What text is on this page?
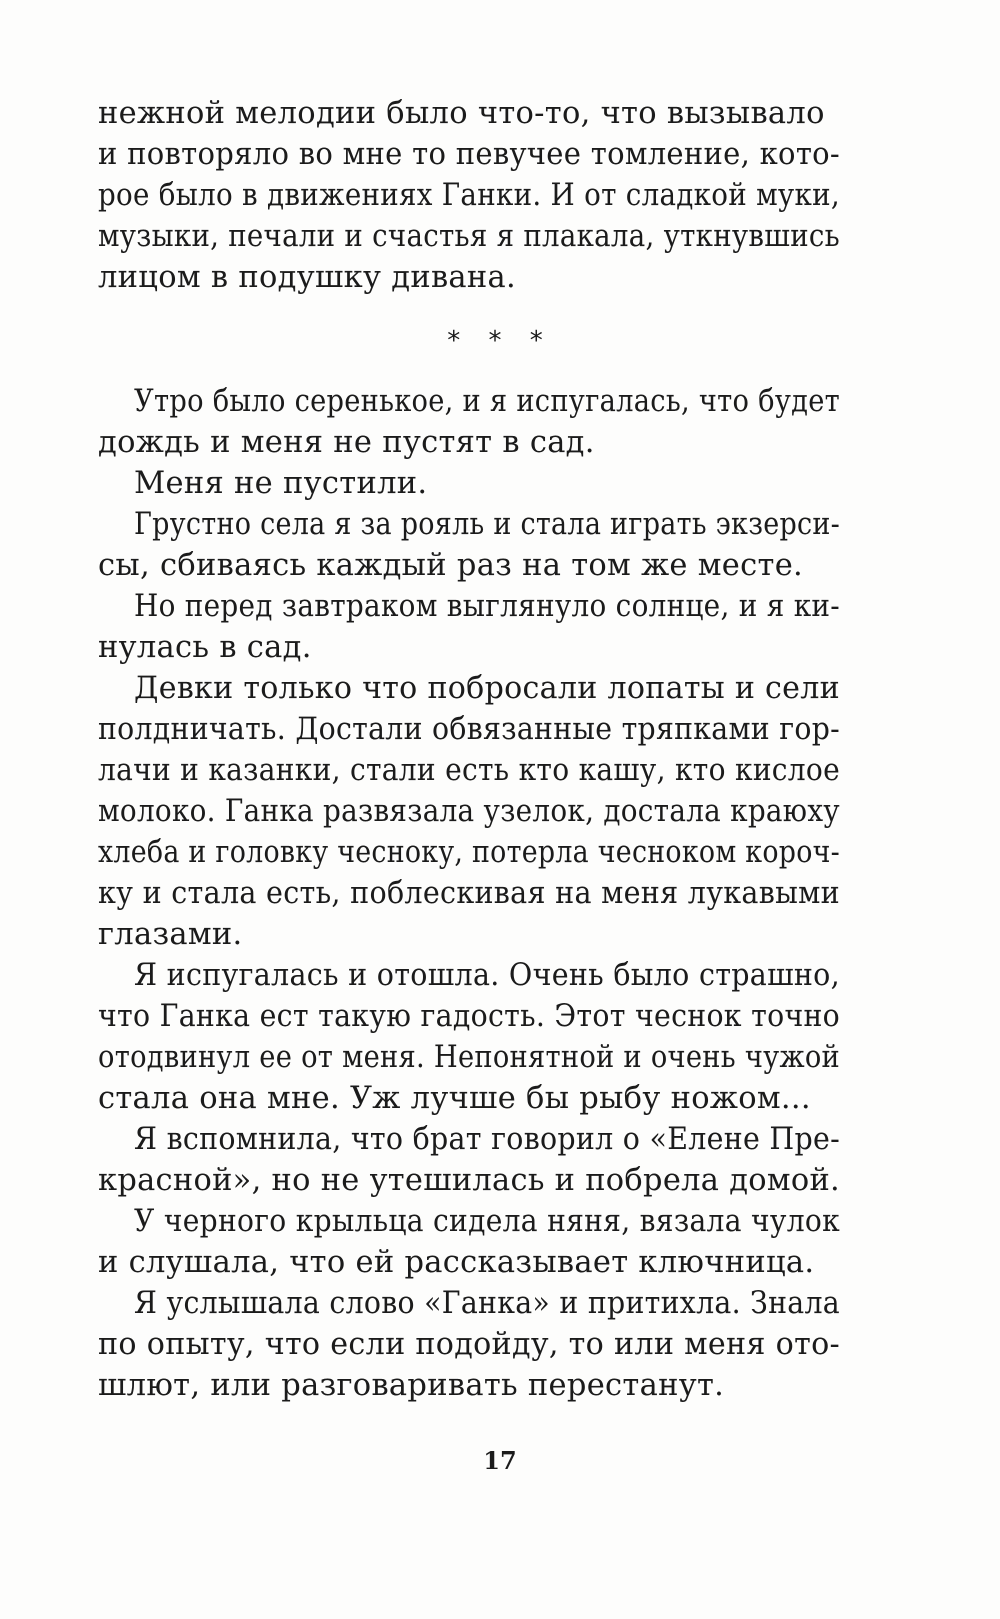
нежной мелодии было что-то, что вызывало
и повторяло во мне то певучее томление, кото-
рое было в движениях Ганки. И от сладкой муки,
музыки, печали и счастья я плакала, уткнувшись
лицом в подушку дивана.
Утро было серенькое, и я испугалась, что будет
дождь и меня не пустят в сад.
Меня не пустили.
Грустно села я за рояль и стала играть экзерси-
сы, сбиваясь каждый раз на том же месте.
Но перед завтраком выглянуло солнце, и я ки-
нулась в сад.
Девки только что побросали лопаты и сели
полдничать. Достали обвязанные тряпками гор-
лачи и казанки, стали есть кто кашу, кто кислое
молоко. Ганка развязала узелок, достала краюху
хлеба и головку чесноку, потерла чесноком короч-
ку и стала есть, поблескивая на меня лукавыми
глазами.
Я испугалась и отошла. Очень было страшно,
что Ганка ест такую гадость. Этот чеснок точно
отодвинул ее от меня. Непонятной и очень чужой
стала она мне. Уж лучше бы рыбу ножом...
Я вспомнила, что брат говорил о «Елене Пре-
красной», но не утешилась и побрела домой.
У черного крыльца сидела няня, вязала чулок
и слушала, что ей рассказывает ключница.
Я услышала слово «Ганка» и притихла. Знала
по опыту, что если подойду, то или меня ото-
шлют, или разговаривать перестанут.
* * *
17
